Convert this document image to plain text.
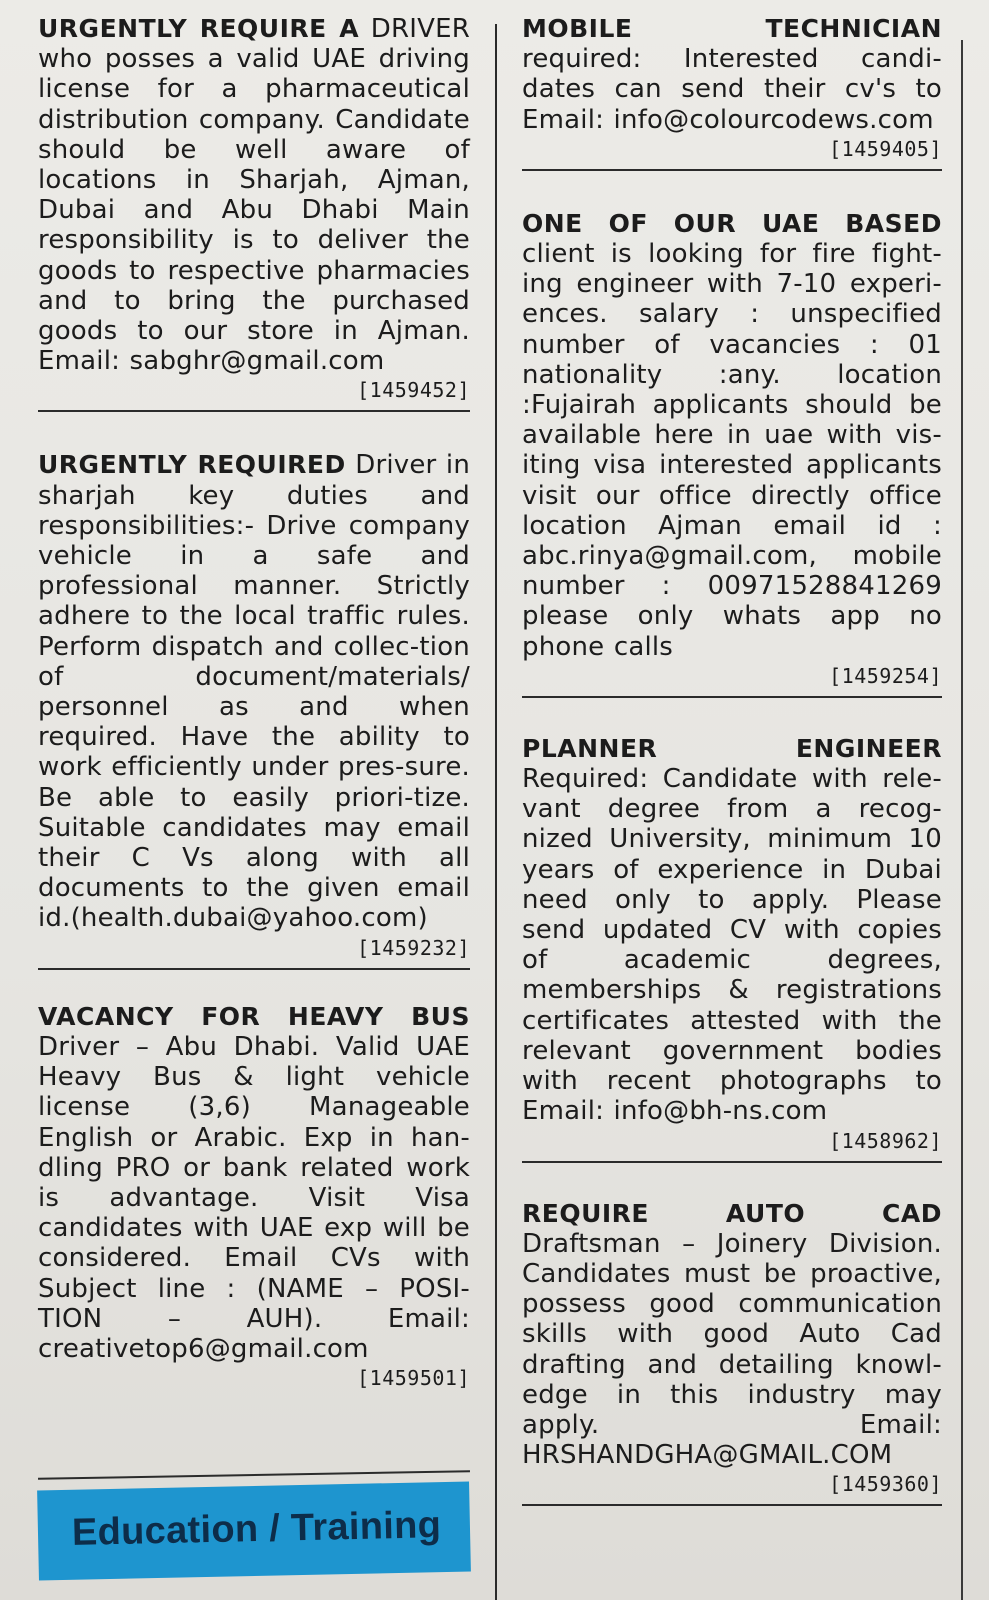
URGENTLY REQUIRE A DRIVER who posses a valid UAE driving license for a pharmaceutical distribution company. Candidate should be well aware of locations in Sharjah, Ajman, Dubai and Abu Dhabi Main responsibility is to deliver the goods to respective pharmacies and to bring the purchased goods to our store in Ajman. Email: sabghr@gmail.com
[1459452]
URGENTLY REQUIRED Driver in sharjah key duties and responsibilities:- Drive company vehicle in a safe and professional manner. Strictly adhere to the local traffic rules. Perform dispatch and collec-tion of document/materials/ personnel as and when required. Have the ability to work efficiently under pres-sure. Be able to easily priori-tize. Suitable candidates may email their C Vs along with all documents to the given email id.(health.dubai@yahoo.com)
[1459232]
VACANCY FOR HEAVY BUS Driver – Abu Dhabi. Valid UAE Heavy Bus & light vehicle license (3,6) Manageable English or Arabic. Exp in han-dling PRO or bank related work is advantage. Visit Visa candidates with UAE exp will be considered. Email CVs with Subject line : (NAME – POSI-TION – AUH). Email: creativetop6@gmail.com
[1459501]
Education / Training
MOBILE TECHNICIAN required: Interested candi-dates can send their cv's to Email: info@colourcodews.com
[1459405]
ONE OF OUR UAE BASED client is looking for fire fight-ing engineer with 7-10 experi-ences. salary : unspecified number of vacancies : 01 nationality :any. location :Fujairah applicants should be available here in uae with vis-iting visa interested applicants visit our office directly office location Ajman email id : abc.rinya@gmail.com, mobile number : 00971528841269 please only whats app no phone calls
[1459254]
PLANNER ENGINEER Required: Candidate with rele-vant degree from a recog-nized University, minimum 10 years of experience in Dubai need only to apply. Please send updated CV with copies of academic degrees, memberships & registrations certificates attested with the relevant government bodies with recent photographs to Email: info@bh-ns.com
[1458962]
REQUIRE AUTO CAD Draftsman – Joinery Division. Candidates must be proactive, possess good communication skills with good Auto Cad drafting and detailing knowl-edge in this industry may apply. Email: HRSHANDGHA@GMAIL.COM
[1459360]
